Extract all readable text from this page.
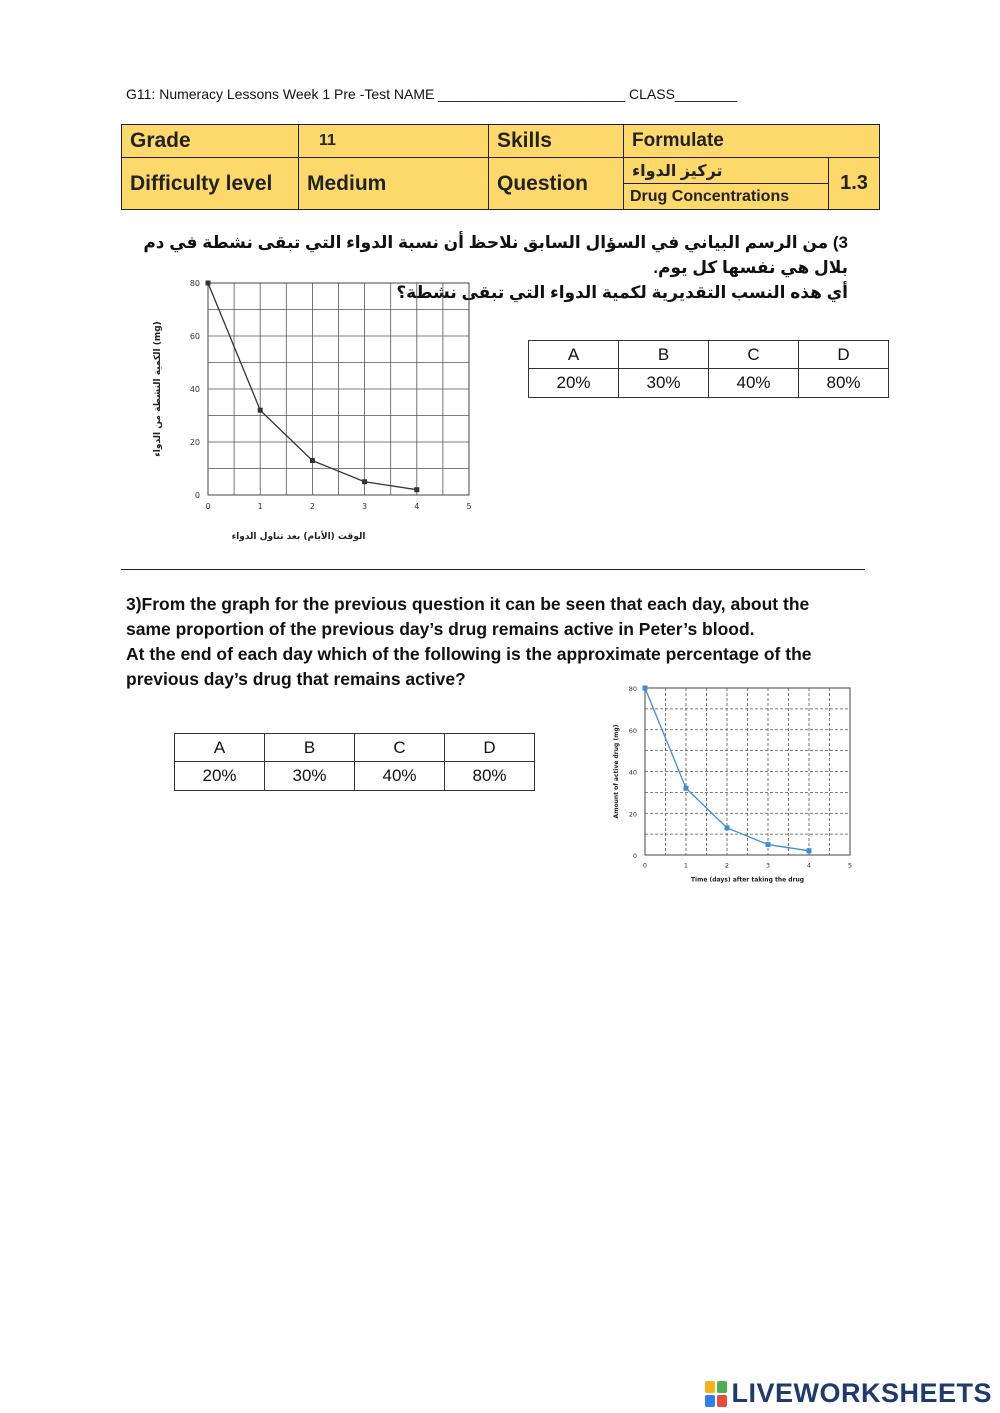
G11: Numeracy Lessons Week 1 Pre -Test NAME ________________________ CLASS________
Grade	11	Skills	Formulate	
Difficulty level	Medium	Question	تركيز الدواء	1.3
			Drug Concentrations	
3) من الرسم البياني في السؤال السابق نلاحظ أن نسبة الدواء التي تبقى نشطة في دم بلال هي نفسها كل يوم.
أي هذه النسب التقديرية لكمية الدواء التي تبقى نشطة؟
0
20
40
60
80
0	1	2	3	4	5
الوقت (الأيام) بعد تناول الدواء
الكمية النشطة من الدواء (mg)
A	B	C	D
20%	30%	40%	80%
3)From the graph for the previous question it can be seen that each day, about the
same proportion of the previous day’s drug remains active in Peter’s blood.
At the end of each day which of the following is the approximate percentage of the
previous day’s drug that remains active?
A	B	C	D
20%	30%	40%	80%
0
20
40
60
80
0	1	2	3	4	5
Time (days) after taking the drug
Amount of active drug (mg)
LIVEWORKSHEETS
